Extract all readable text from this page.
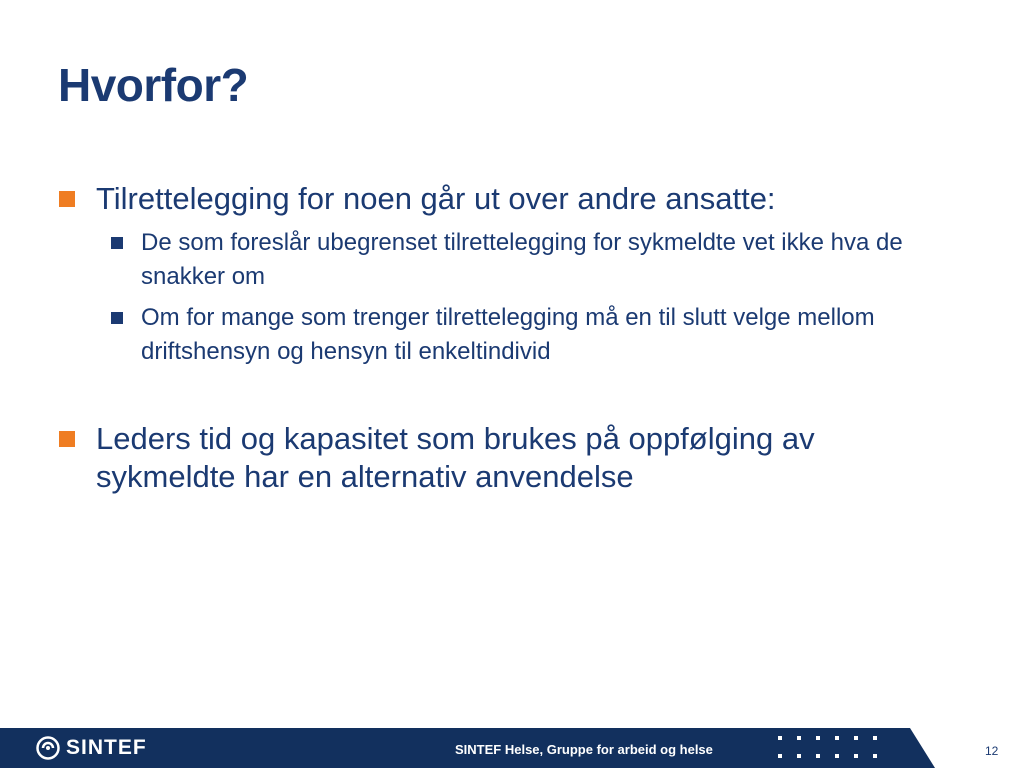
Hvorfor?
Tilrettelegging for noen går ut over andre ansatte:
De som foreslår ubegrenset tilrettelegging for sykmeldte vet ikke hva de snakker om
Om for mange som trenger tilrettelegging må en til slutt velge mellom driftshensyn og hensyn til enkeltindivid
Leders tid og kapasitet som brukes på oppfølging av sykmeldte har en alternativ anvendelse
SINTEF	SINTEF Helse, Gruppe for arbeid og helse	12
